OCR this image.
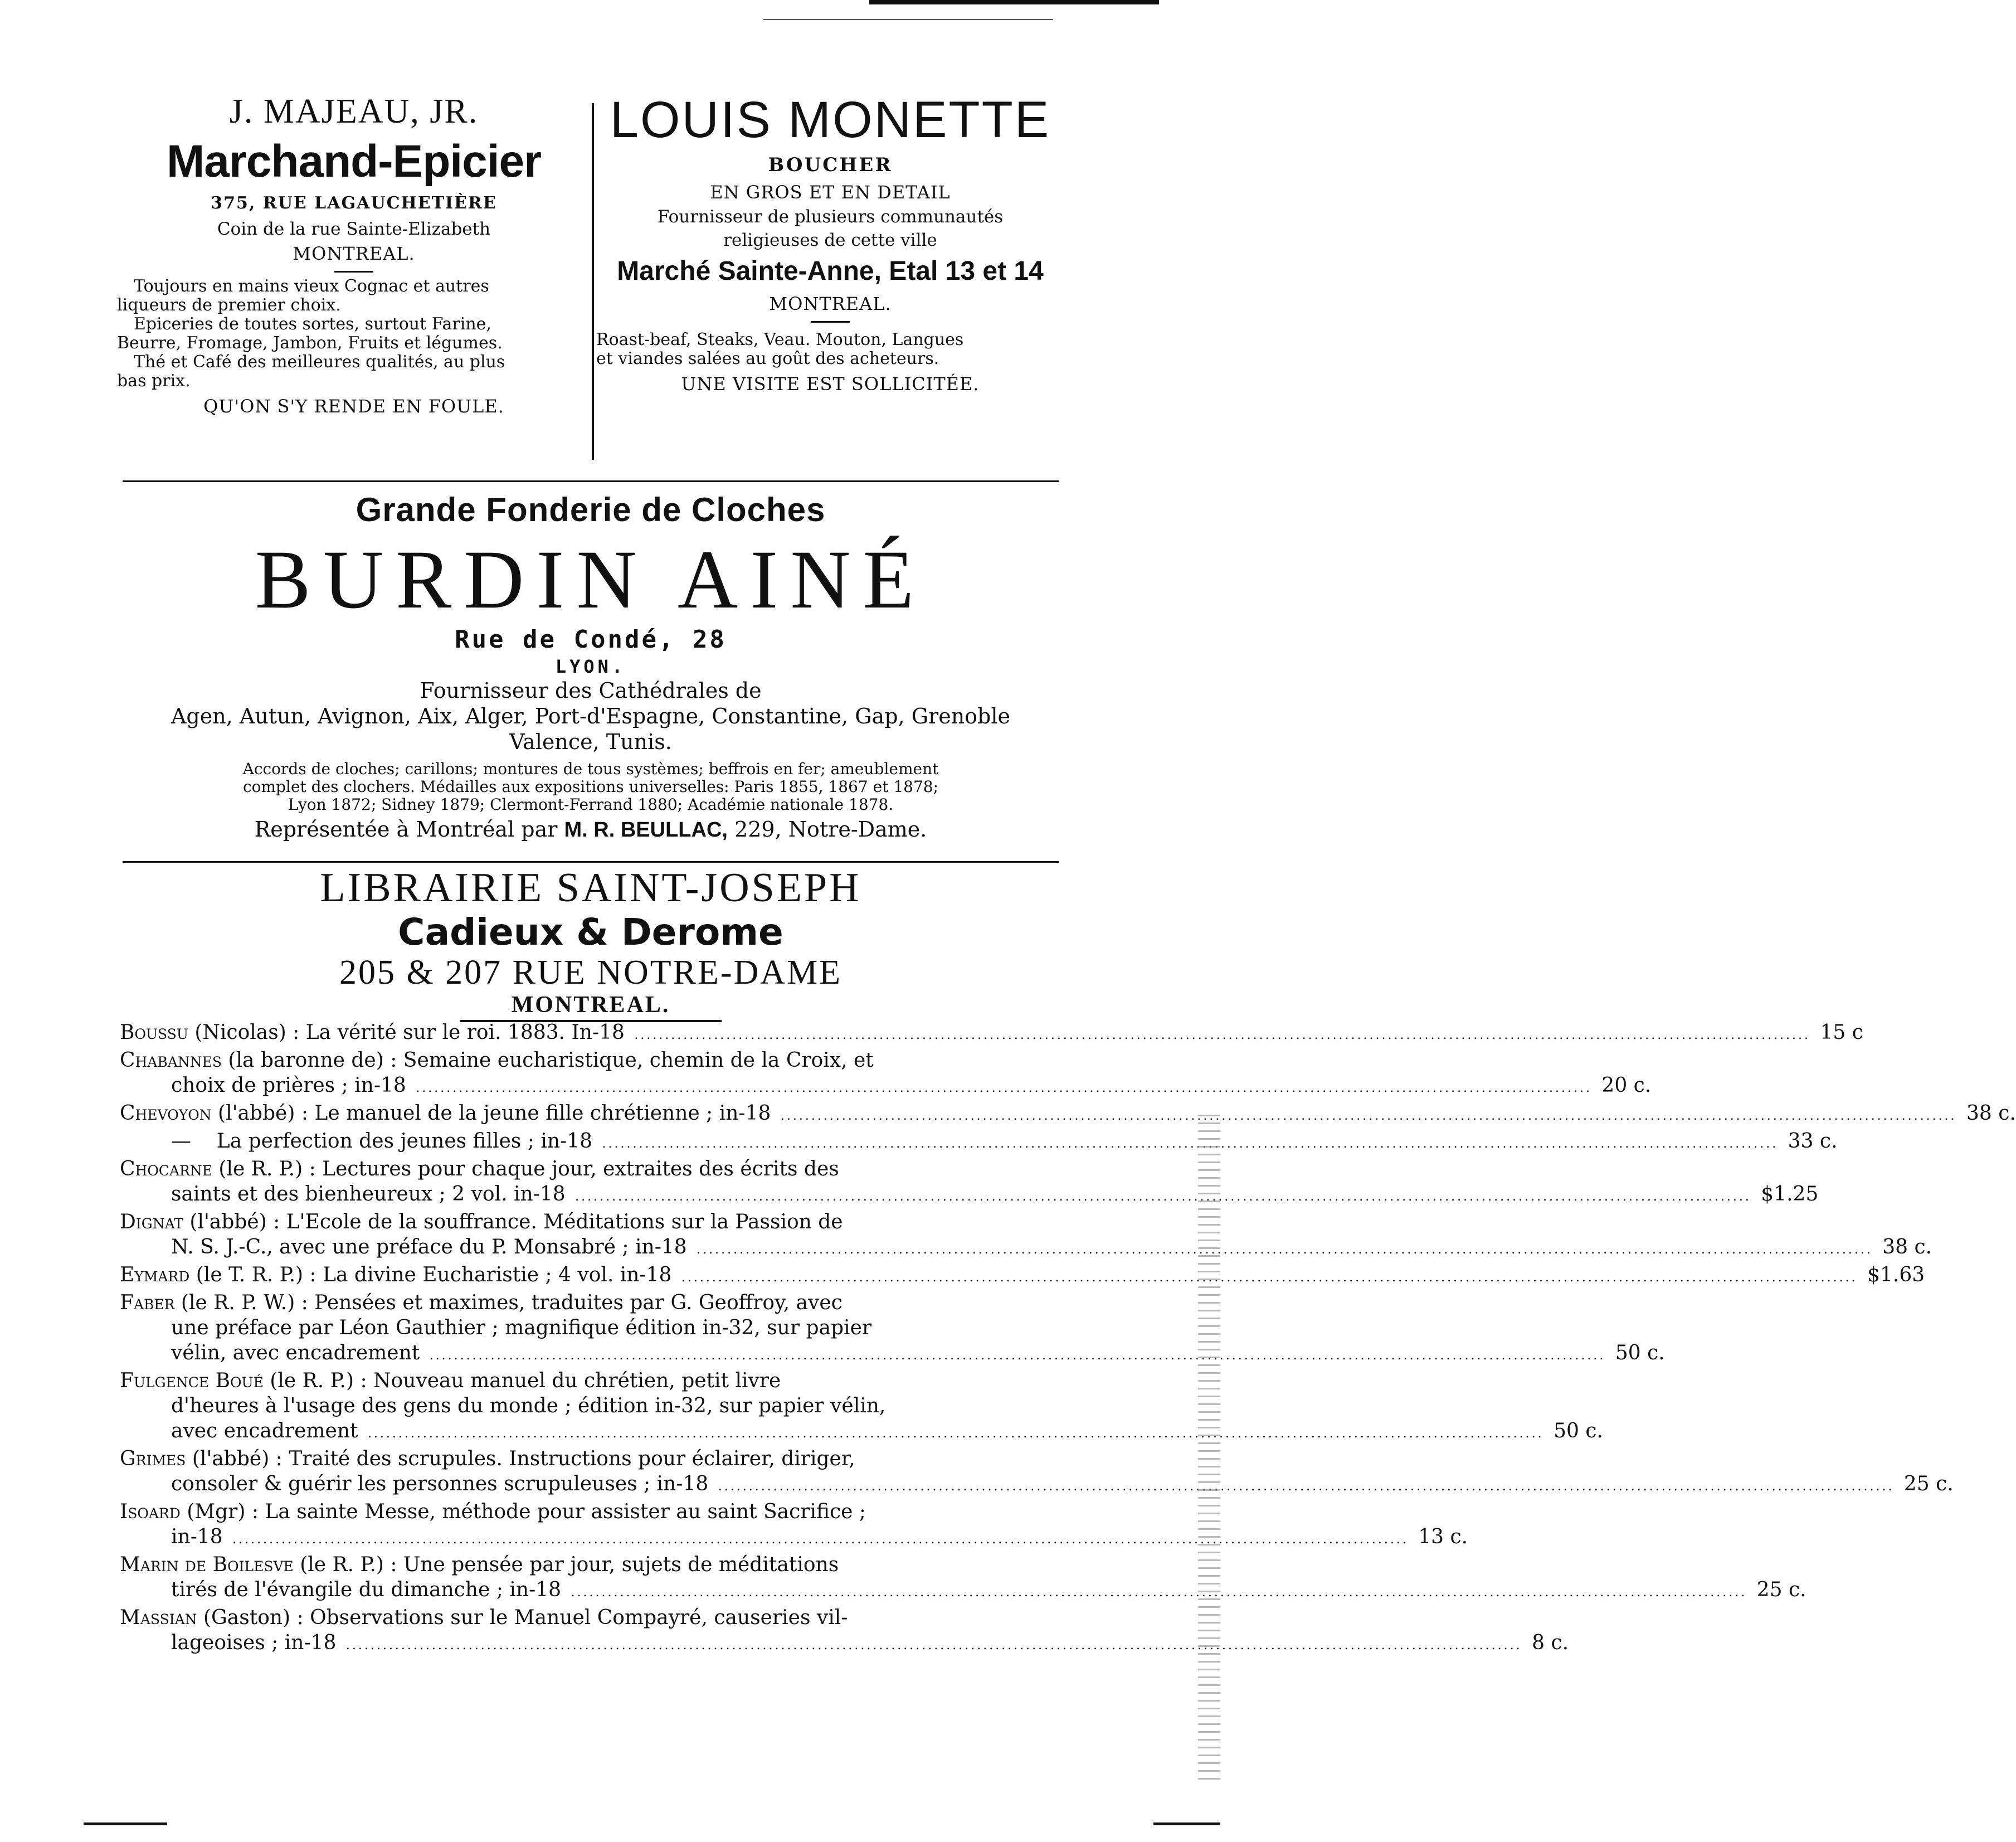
J. MAJEAU, JR.
Marchand-Epicier
375, RUE LAGAUCHETIÈRE
Coin de la rue Sainte-Elizabeth
MONTREAL.
Toujours en mains vieux Cognac et autres
liqueurs de premier choix.
Epiceries de toutes sortes, surtout Farine,
Beurre, Fromage, Jambon, Fruits et légumes.
Thé et Café des meilleures qualités, au plus
bas prix.
QU'ON S'Y RENDE EN FOULE.
LOUIS MONETTE
BOUCHER
EN GROS ET EN DETAIL
Fournisseur de plusieurs communautés
religieuses de cette ville
Marché Sainte-Anne, Etal 13 et 14
MONTREAL.
Roast-beaf, Steaks, Veau. Mouton, Langues
et viandes salées au goût des acheteurs.
UNE VISITE EST SOLLICITÉE.
Grande Fonderie de Cloches
BURDIN AINÉ
Rue de Condé, 28
LYON.
Fournisseur des Cathédrales de
Agen, Autun, Avignon, Aix, Alger, Port-d'Espagne, Constantine, Gap, Grenoble
Valence, Tunis.
Accords de cloches; carillons; montures de tous systèmes; beffrois en fer; ameublement
complet des clochers. Médailles aux expositions universelles: Paris 1855, 1867 et 1878;
Lyon 1872; Sidney 1879; Clermont-Ferrand 1880; Académie nationale 1878.
Représentée à Montréal par M. R. BEULLAC, 229, Notre-Dame.
LIBRAIRIE SAINT-JOSEPH
Cadieux & Derome
205 & 207 RUE NOTRE-DAME
MONTREAL.
Boussu (Nicolas) : La vérité sur le roi. 1883. In-18 .....	15 c
Chabannes (la baronne de) : Semaine eucharistique, chemin de la Croix, et
choix de prières ; in-18 .....	20 c.
Chevoyon (l'abbé) : Le manuel de la jeune fille chrétienne ; in-18 .....	38 c.
— La perfection des jeunes filles ; in-18 .....	33 c.
Chocarne (le R. P.) : Lectures pour chaque jour, extraites des écrits des
saints et des bienheureux ; 2 vol. in-18 .....	$1.25
Dignat (l'abbé) : L'Ecole de la souffrance. Méditations sur la Passion de
N. S. J.-C., avec une préface du P. Monsabré ; in-18 .....	38 c.
Eymard (le T. R. P.) : La divine Eucharistie ; 4 vol. in-18 .....	$1.63
Faber (le R. P. W.) : Pensées et maximes, traduites par G. Geoffroy, avec
une préface par Léon Gauthier ; magnifique édition in-32, sur papier
vélin, avec encadrement .....	50 c.
Fulgence Boué (le R. P.) : Nouveau manuel du chrétien, petit livre
d'heures à l'usage des gens du monde ; édition in-32, sur papier vélin,
avec encadrement .....	50 c.
Grimes (l'abbé) : Traité des scrupules. Instructions pour éclairer, diriger,
consoler & guérir les personnes scrupuleuses ; in-18 .....	25 c.
Isoard (Mgr) : La sainte Messe, méthode pour assister au saint Sacrifice ;
in-18 .....	13 c.
Marin de Boilesve (le R. P.) : Une pensée par jour, sujets de méditations
tirés de l'évangile du dimanche ; in-18 .....	25 c.
Massian (Gaston) : Observations sur le Manuel Compayré, causeries vil-
lageoises ; in-18 .....	8 c.
